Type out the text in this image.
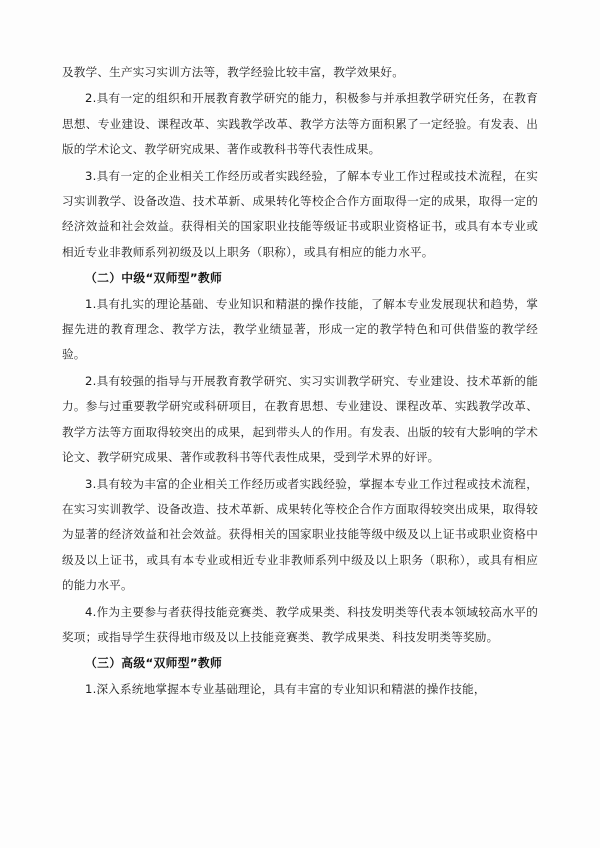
及教学、生产实习实训方法等，教学经验比较丰富，教学效果好。

2.具有一定的组织和开展教育教学研究的能力，积极参与并承担教学研究任务，在教育思想、专业建设、课程改革、实践教学改革、教学方法等方面积累了一定经验。有发表、出版的学术论文、教学研究成果、著作或教科书等代表性成果。

3.具有一定的企业相关工作经历或者实践经验，了解本专业工作过程或技术流程，在实习实训教学、设备改造、技术革新、成果转化等校企合作方面取得一定的成果，取得一定的经济效益和社会效益。获得相关的国家职业技能等级证书或职业资格证书，或具有本专业或相近专业非教师系列初级及以上职务（职称），或具有相应的能力水平。

（二）中级“双师型”教师

1.具有扎实的理论基础、专业知识和精湛的操作技能，了解本专业发展现状和趋势，掌握先进的教育理念、教学方法，教学业绩显著，形成一定的教学特色和可供借鉴的教学经验。

2.具有较强的指导与开展教育教学研究、实习实训教学研究、专业建设、技术革新的能力。参与过重要教学研究或科研项目，在教育思想、专业建设、课程改革、实践教学改革、教学方法等方面取得较突出的成果，起到带头人的作用。有发表、出版的较有大影响的学术论文、教学研究成果、著作或教科书等代表性成果，受到学术界的好评。

3.具有较为丰富的企业相关工作经历或者实践经验，掌握本专业工作过程或技术流程，在实习实训教学、设备改造、技术革新、成果转化等校企合作方面取得较突出成果，取得较为显著的经济效益和社会效益。获得相关的国家职业技能等级中级及以上证书或职业资格中级及以上证书，或具有本专业或相近专业非教师系列中级及以上职务（职称），或具有相应的能力水平。

4.作为主要参与者获得技能竞赛类、教学成果类、科技发明类等代表本领域较高水平的奖项；或指导学生获得地市级及以上技能竞赛类、教学成果类、科技发明类等奖励。

（三）高级“双师型”教师

1.深入系统地掌握本专业基础理论，具有丰富的专业知识和精湛的操作技能，
